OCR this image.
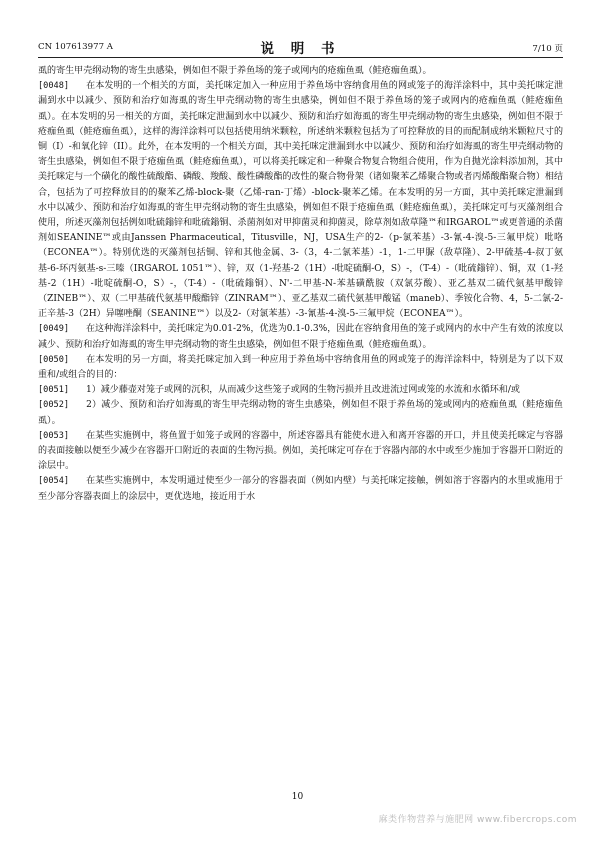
CN 107613977 A	说 明 书	7/10 页

虱的寄生甲壳纲动物的寄生虫感染，例如但不限于养鱼场的笼子或网内的疮痂鱼虱（鲑疮痂鱼虱）。

[0048] 在本发明的一个相关的方面，美托咪定加入一种应用于养鱼场中容纳食用鱼的网或笼子的海洋涂料中，其中美托咪定泄漏到水中以减少、预防和治疗如海虱的寄生甲壳纲动物的寄生虫感染，例如但不限于养鱼场的笼子或网内的疮痂鱼虱（鲑疮痂鱼虱）。在本发明的另一相关的方面，美托咪定泄漏到水中以减少、预防和治疗如海虱的寄生甲壳纲动物的寄生虫感染，例如但不限于疮痂鱼虱（鲑疮痂鱼虱），这样的海洋涂料可以包括使用纳米颗粒，所述纳米颗粒包括为了可控释放的目的而配制成纳米颗粒尺寸的铜（I）-和氧化锌（II）。此外，在本发明的一个相关方面，其中美托咪定泄漏到水中以减少、预防和治疗如海虱的寄生甲壳纲动物的寄生虫感染，例如但不限于疮痂鱼虱（鲑疮痂鱼虱），可以将美托咪定和一种聚合物复合物组合使用，作为自抛光涂料添加剂，其中美托咪定与一个磺化的酸性硫酸酯、磷酸、羧酸、酸性磷酸酯的改性的聚合物骨架（诸如聚苯乙烯聚合物或者丙烯酸酯聚合物）相结合，包括为了可控释放目的的聚苯乙烯-block-聚（乙烯-ran-丁烯）-block-聚苯乙烯。在本发明的另一方面，其中美托咪定泄漏到水中以减少、预防和治疗如海虱的寄生甲壳纲动物的寄生虫感染，例如但不限于疮痂鱼虱（鲑疮痂鱼虱），美托咪定可与灭藻剂组合使用，所述灭藻剂包括例如吡硫鎓锌和吡硫鎓铜、杀菌剂如对甲抑菌灵和抑菌灵，除草剂如敌草隆™和IRGAROL™或更普通的杀菌剂如SEANINE™或由Janssen Pharmaceutical，Titusville，NJ，USA生产的2-（p-氯苯基）-3-氰-4-溴-5-三氟甲烷）吡咯（ECONEA™）。特别优选的灭藻剂包括铜、锌和其他金属、3-（3，4-二氯苯基）-1，1-二甲脲（敌草隆）、2-甲硫基-4-叔丁氨基-6-环丙氨基-s-三嗪（IRGAROL 1051™）、锌，双（1-羟基-2（1H）-吡啶硫酮-O，S）-，（T-4）-（吡硫鎓锌）、铜，双（1-羟基-2（1H）-吡啶硫酮-O，S）-，（T-4）-（吡硫鎓铜）、N'-二甲基-N-苯基磺酰胺（双氯芬酸）、亚乙基双二硫代氨基甲酸锌（ZINEB™）、双（二甲基硫代氨基甲酸酯锌（ZINRAM™）、亚乙基双二硫代氨基甲酸锰（maneb）、季铵化合物、4，5-二氯-2-正辛基-3（2H）异噻唑酮（SEANINE™）以及2-（对氯苯基）-3-氰基-4-溴-5-三氟甲烷（ECONEA™）。

[0049] 在这种海洋涂料中，美托咪定为0.01-2%，优选为0.1-0.3%，因此在容纳食用鱼的笼子或网内的水中产生有效的浓度以减少、预防和治疗如海虱的寄生甲壳纲动物的寄生虫感染，例如但不限于疮痂鱼虱（鲑疮痂鱼虱）。

[0050] 在本发明的另一方面，将美托咪定加入到一种应用于养鱼场中容纳食用鱼的网或笼子的海洋涂料中，特别是为了以下双重和/或组合的目的：

[0051] 1）减少藤壶对笼子或网的沉积，从而减少这些笼子或网的生物污损并且改进流过网或笼的水流和水循环和/或

[0052] 2）减少、预防和治疗如海虱的寄生甲壳纲动物的寄生虫感染，例如但不限于养鱼场的笼或网内的疮痂鱼虱（鲑疮痂鱼虱）。

[0053] 在某些实施例中，将鱼置于如笼子或网的容器中，所述容器具有能使水进入和离开容器的开口，并且使美托咪定与容器的表面接触以便至少减少在容器开口附近的表面的生物污损。例如，美托咪定可存在于容器内部的水中或至少施加于容器开口附近的涂层中。

[0054] 在某些实施例中，本发明通过使至少一部分的容器表面（例如内壁）与美托咪定接触，例如溶于容器内的水里或施用于至少部分容器表面上的涂层中，更优选地，接近用于水

10
麻类作物营养与施肥网 www.fibercrops.com
